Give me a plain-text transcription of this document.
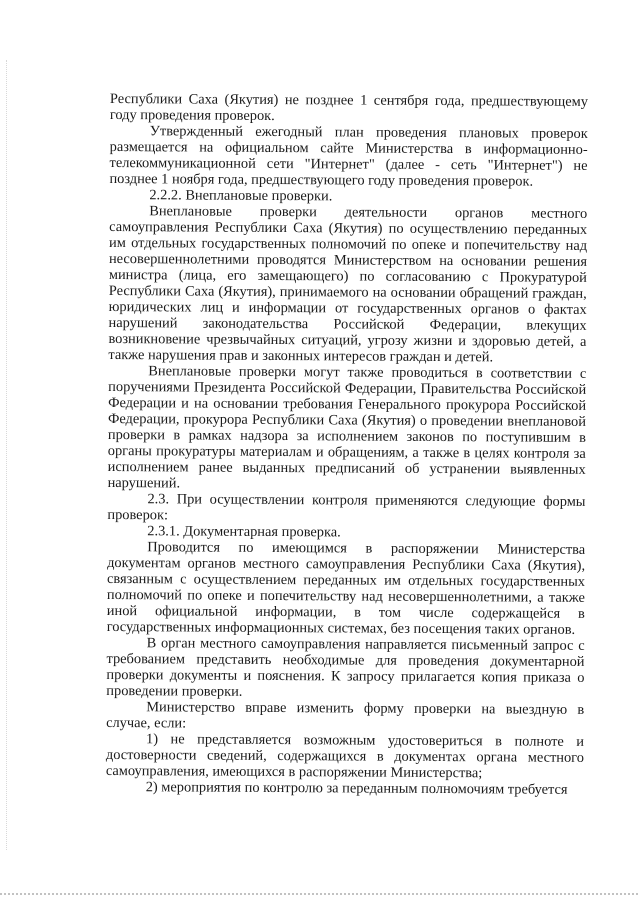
Республики Саха (Якутия) не позднее 1 сентября года, предшествующему году проведения проверок.

Утвержденный ежегодный план проведения плановых проверок размещается на официальном сайте Министерства в информационно-телекоммуникационной сети "Интернет" (далее - сеть "Интернет") не позднее 1 ноября года, предшествующего году проведения проверок.

2.2.2. Внеплановые проверки.

Внеплановые проверки деятельности органов местного самоуправления Республики Саха (Якутия) по осуществлению переданных им отдельных государственных полномочий по опеке и попечительству над несовершеннолетними проводятся Министерством на основании решения министра (лица, его замещающего) по согласованию с Прокуратурой Республики Саха (Якутия), принимаемого на основании обращений граждан, юридических лиц и информации от государственных органов о фактах нарушений законодательства Российской Федерации, влекущих возникновение чрезвычайных ситуаций, угрозу жизни и здоровью детей, а также нарушения прав и законных интересов граждан и детей.

Внеплановые проверки могут также проводиться в соответствии с поручениями Президента Российской Федерации, Правительства Российской Федерации и на основании требования Генерального прокурора Российской Федерации, прокурора Республики Саха (Якутия) о проведении внеплановой проверки в рамках надзора за исполнением законов по поступившим в органы прокуратуры материалам и обращениям, а также в целях контроля за исполнением ранее выданных предписаний об устранении выявленных нарушений.

2.3. При осуществлении контроля применяются следующие формы проверок:

2.3.1. Документарная проверка.

Проводится по имеющимся в распоряжении Министерства документам органов местного самоуправления Республики Саха (Якутия), связанным с осуществлением переданных им отдельных государственных полномочий по опеке и попечительству над несовершеннолетними, а также иной официальной информации, в том числе содержащейся в государственных информационных системах, без посещения таких органов.

В орган местного самоуправления направляется письменный запрос с требованием представить необходимые для проведения документарной проверки документы и пояснения. К запросу прилагается копия приказа о проведении проверки.

Министерство вправе изменить форму проверки на выездную в случае, если:

1) не представляется возможным удостовериться в полноте и достоверности сведений, содержащихся в документах органа местного самоуправления, имеющихся в распоряжении Министерства;

2) мероприятия по контролю за переданным полномочиям требуется
